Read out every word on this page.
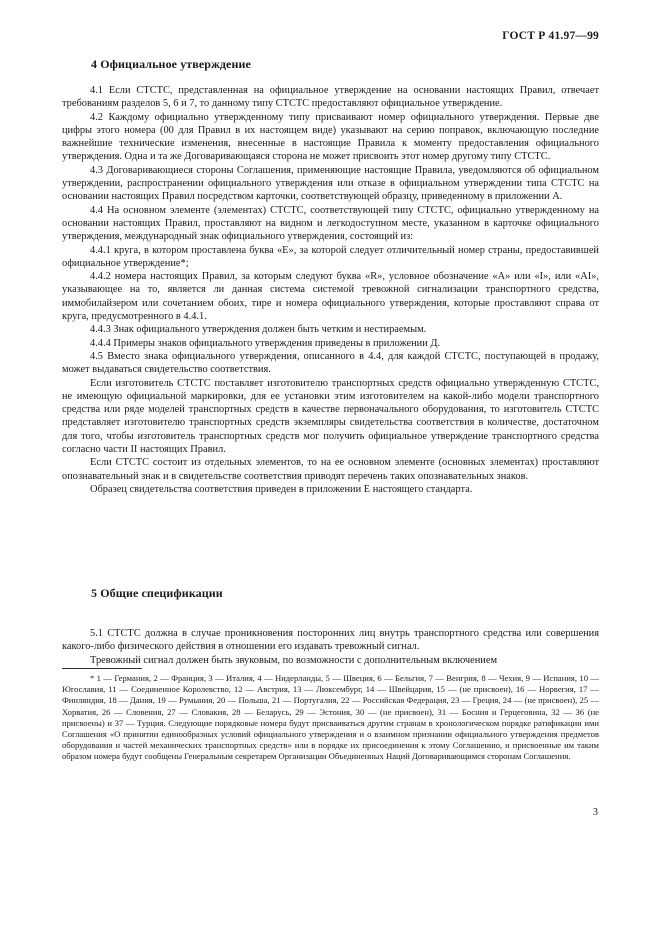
ГОСТ Р 41.97—99
4 Официальное утверждение

4.1 Если СТСТС, представленная на официальное утверждение на основании настоящих Правил, отвечает требованиям разделов 5, 6 и 7, то данному типу СТСТС предоставляют официальное утверждение.

4.2 Каждому официально утвержденному типу присваивают номер официального утверждения. Первые две цифры этого номера (00 для Правил в их настоящем виде) указывают на серию поправок, включающую последние важнейшие технические изменения, внесенные в настоящие Правила к моменту предоставления официального утверждения. Одна и та же Договаривающаяся сторона не может присвоить этот номер другому типу СТСТС.

4.3 Договаривающиеся стороны Соглашения, применяющие настоящие Правила, уведомляются об официальном утверждении, распространении официального утверждения или отказе в официальном утверждении типа СТСТС на основании настоящих Правил посредством карточки, соответствующей образцу, приведенному в приложении А.

4.4 На основном элементе (элементах) СТСТС, соответствующей типу СТСТС, официально утвержденному на основании настоящих Правил, проставляют на видном и легкодоступном месте, указанном в карточке официального утверждения, международный знак официального утверждения, состоящий из:

4.4.1 круга, в котором проставлена буква «Е», за которой следует отличительный номер страны, предоставившей официальное утверждение*;

4.4.2 номера настоящих Правил, за которым следуют буква «R», условное обозначение «А» или «I», или «AI», указывающее на то, является ли данная система системой тревожной сигнализации транспортного средства, иммобилайзером или сочетанием обоих, тире и номера официального утверждения, которые проставляют справа от круга, предусмотренного в 4.4.1.

4.4.3 Знак официального утверждения должен быть четким и нестираемым.

4.4.4 Примеры знаков официального утверждения приведены в приложении Д.

4.5 Вместо знака официального утверждения, описанного в 4.4, для каждой СТСТС, поступающей в продажу, может выдаваться свидетельство соответствия.

Если изготовитель СТСТС поставляет изготовителю транспортных средств официально утвержденную СТСТС, не имеющую официальной маркировки, для ее установки этим изготовителем на какой-либо модели транспортного средства или ряде моделей транспортных средств в качестве первоначального оборудования, то изготовитель СТСТС представляет изготовителю транспортных средств экземпляры свидетельства соответствия в количестве, достаточном для того, чтобы изготовитель транспортных средств мог получить официальное утверждение транспортного средства согласно части II настоящих Правил.

Если СТСТС состоит из отдельных элементов, то на ее основном элементе (основных элементах) проставляют опознавательный знак и в свидетельстве соответствия приводят перечень таких опознавательных знаков.

Образец свидетельства соответствия приведен в приложении Е настоящего стандарта.

5 Общие спецификации

5.1 СТСТС должна в случае проникновения посторонних лиц внутрь транспортного средства или совершения какого-либо физического действия в отношении его издавать тревожный сигнал.

Тревожный сигнал должен быть звуковым, по возможности с дополнительным включением

* 1 — Германия, 2 — Франция, 3 — Италия, 4 — Нидерланды, 5 — Швеция, 6 — Бельгия, 7 — Венгрия, 8 — Чехия, 9 — Испания, 10 — Югославия, 11 — Соединенное Королевство, 12 — Австрия, 13 — Люксембург, 14 — Швейцария, 15 — (не присвоен), 16 — Норвегия, 17 — Финляндия, 18 — Дания, 19 — Румыния, 20 — Польша, 21 — Португалия, 22 — Российская Федерация, 23 — Греция, 24 — (не присвоен), 25 — Хорватия, 26 — Словения, 27 — Словакия, 28 — Беларусь, 29 — Эстония, 30 — (не присвоен), 31 — Босния и Герцеговина, 32 — 36 (не присвоены) и 37 — Турция. Следующие порядковые номера будут присваиваться другим странам в хронологическом порядке ратификации ими Соглашения «О принятии единообразных условий официального утверждения и о взаимном признании официального утверждения предметов оборудования и частей механических транспортных средств» или в порядке их присоединения к этому Соглашению, и присвоенные им таким образом номера будут сообщены Генеральным секретарем Организации Объединенных Наций Договаривающимся сторонам Соглашения.

3
